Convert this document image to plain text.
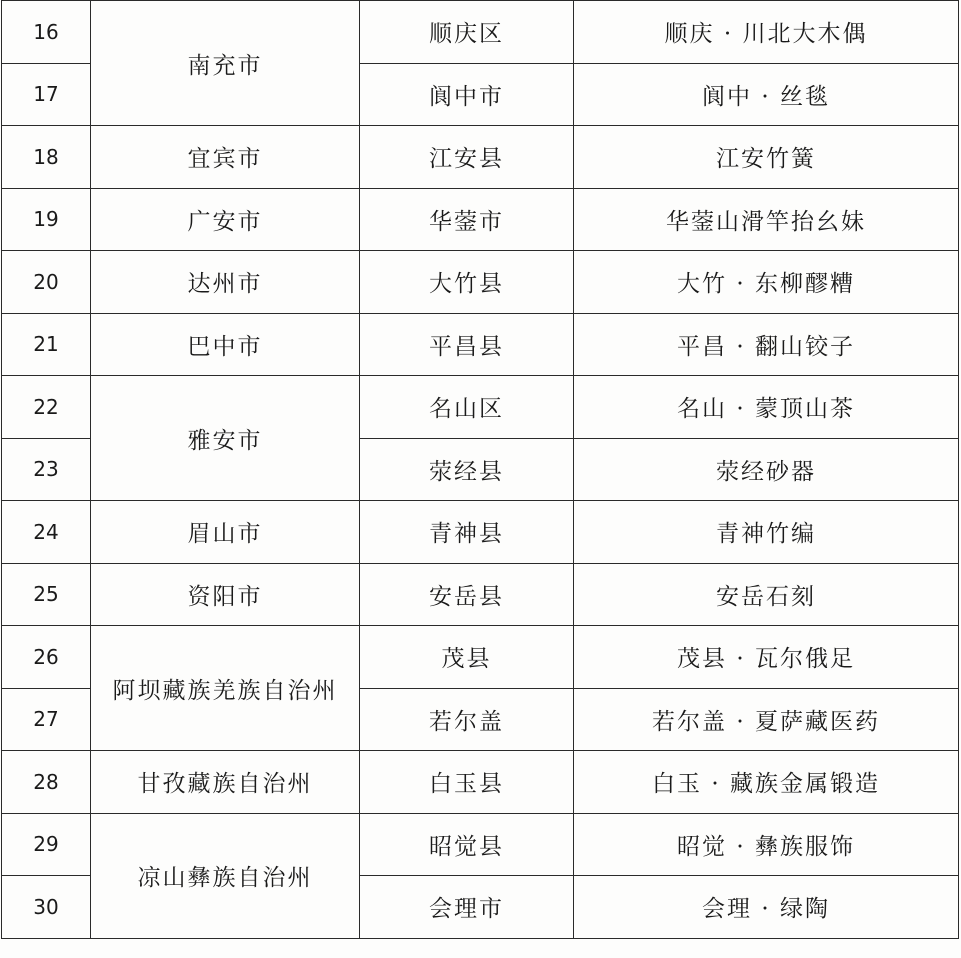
16	南充市	顺庆区	顺庆 · 川北大木偶
17		阆中市	阆中 · 丝毯
18	宜宾市	江安县	江安竹簧
19	广安市	华蓥市	华蓥山滑竿抬幺妹
20	达州市	大竹县	大竹 · 东柳醪糟
21	巴中市	平昌县	平昌 · 翻山铰子
22	雅安市	名山区	名山 · 蒙顶山茶
23		荥经县	荥经砂器
24	眉山市	青神县	青神竹编
25	资阳市	安岳县	安岳石刻
26	阿坝藏族羌族自治州	茂县	茂县 · 瓦尔俄足
27		若尔盖	若尔盖 · 夏萨藏医药
28	甘孜藏族自治州	白玉县	白玉 · 藏族金属锻造
29	凉山彝族自治州	昭觉县	昭觉 · 彝族服饰
30		会理市	会理 · 绿陶
